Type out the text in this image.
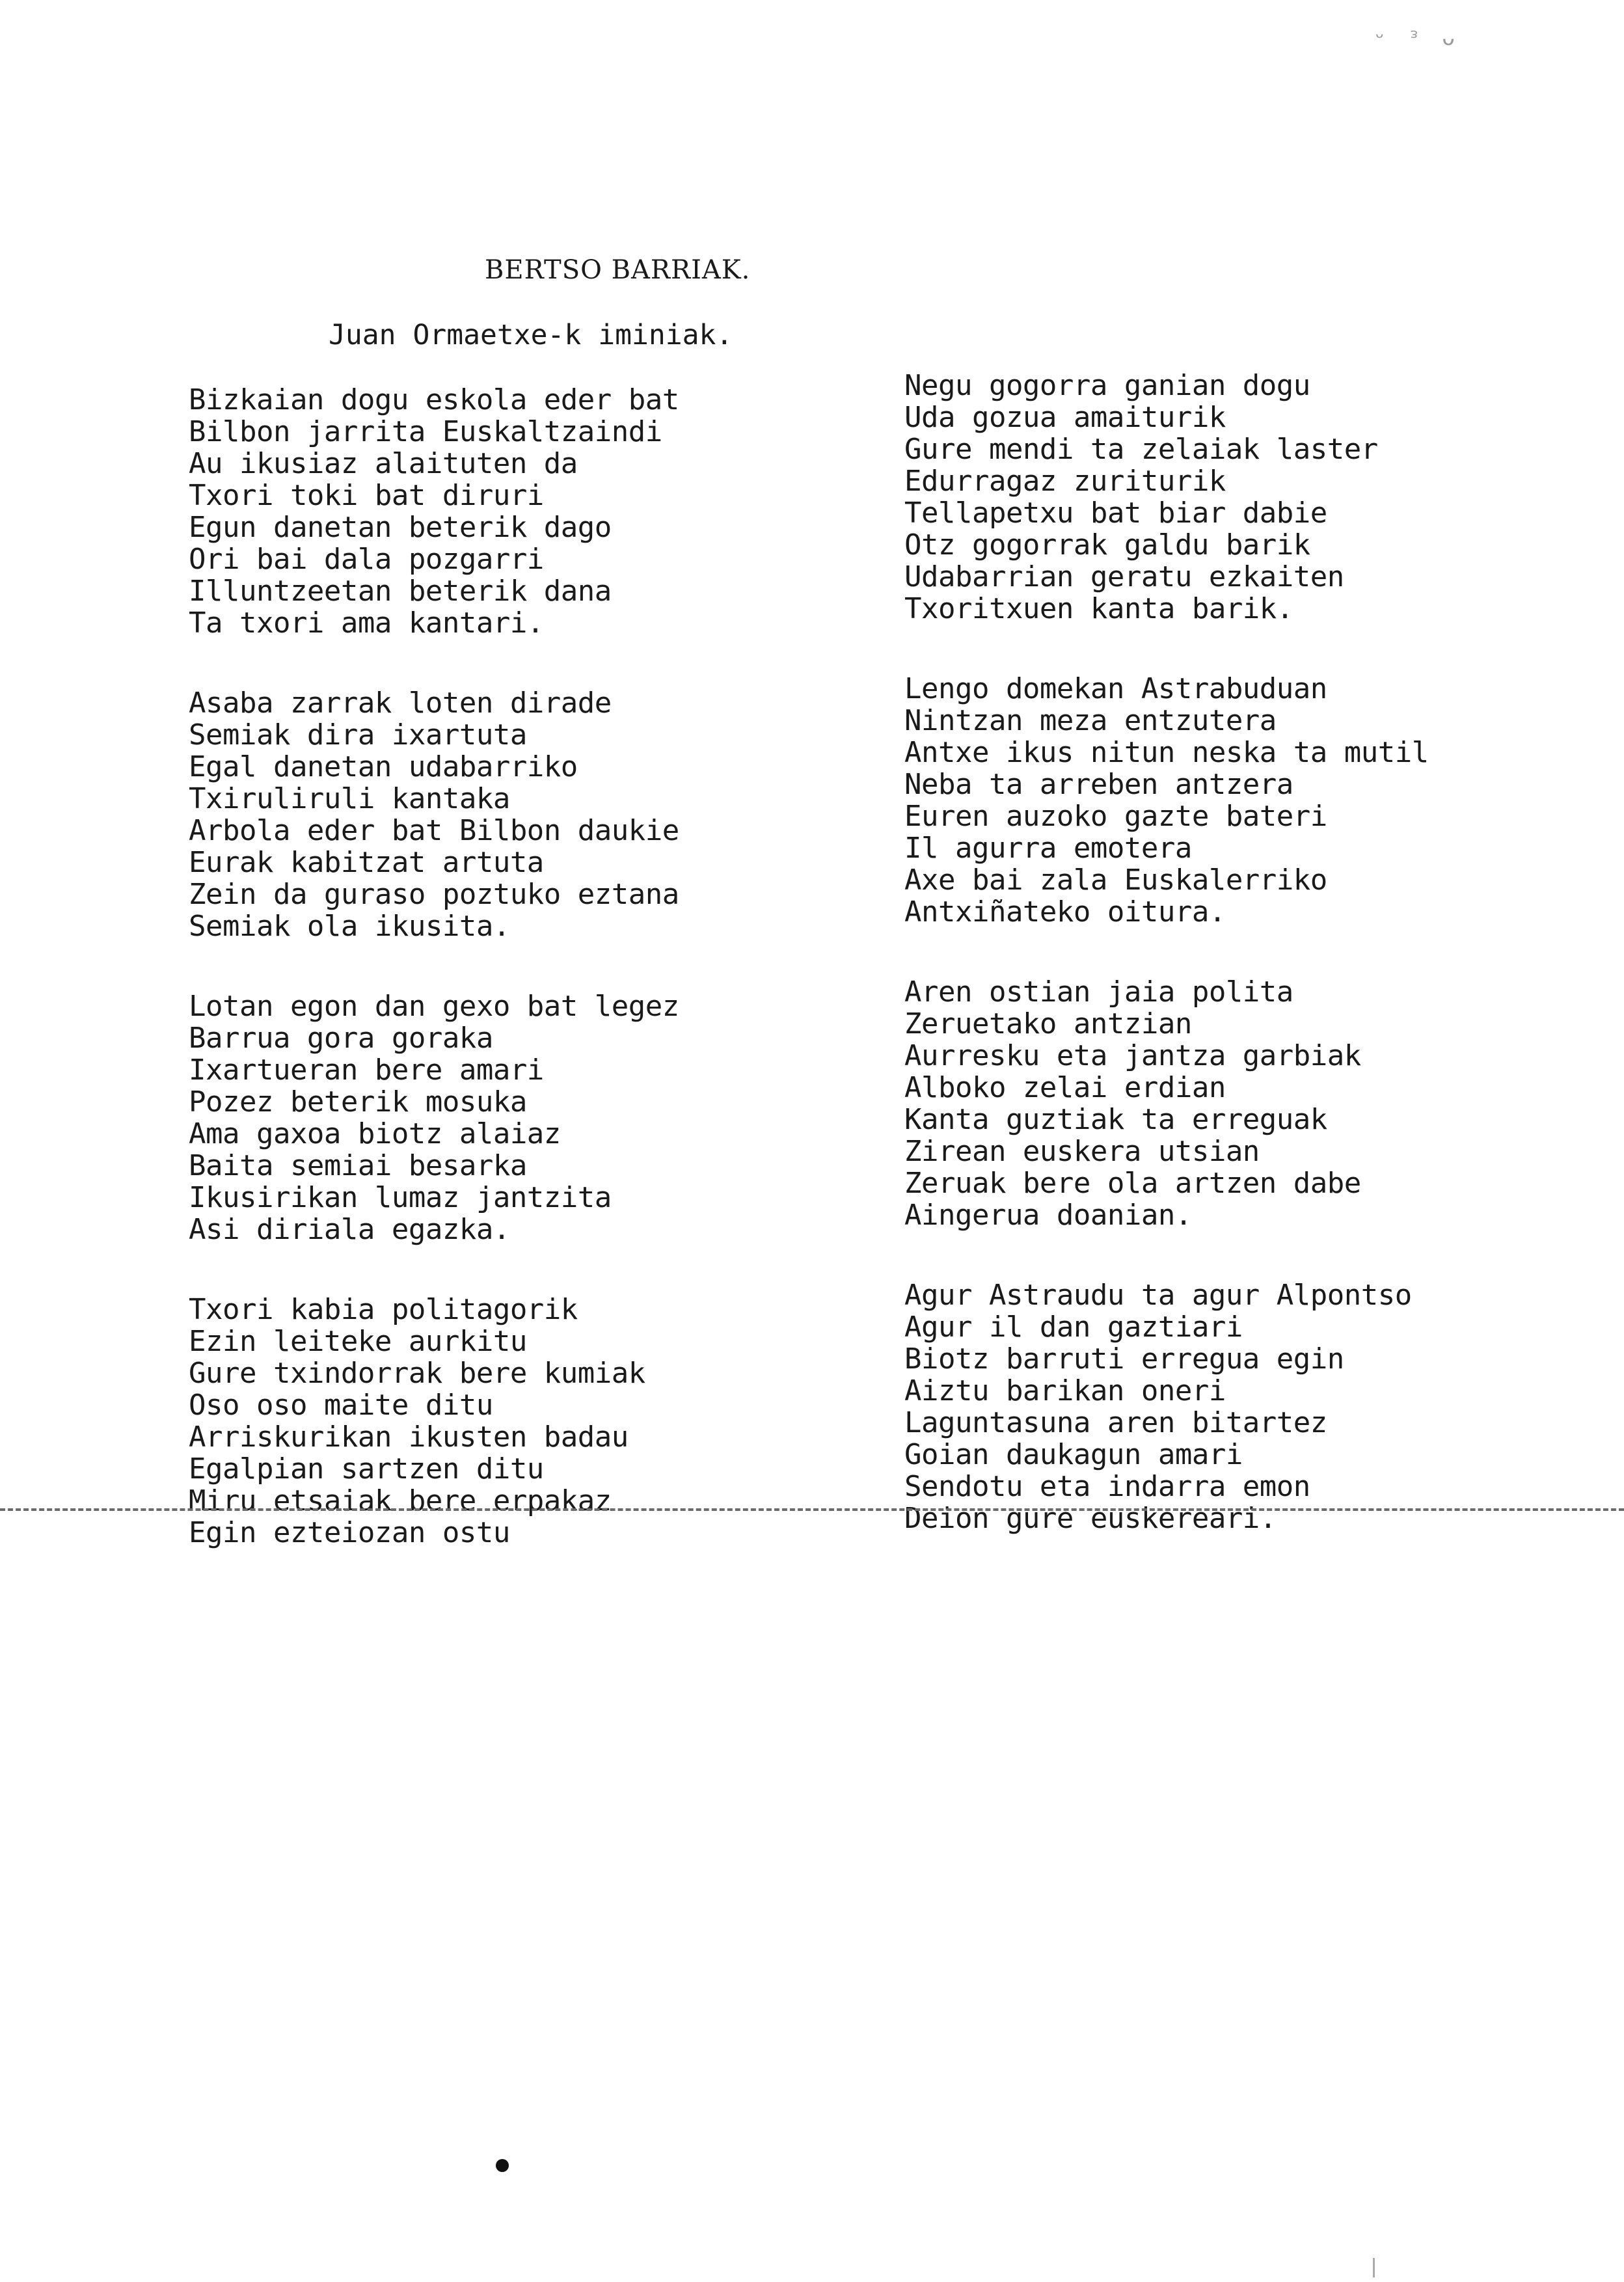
ᵕ ᵌ ᴗ
BERTSO BARRIAK.
Juan Ormaetxe-k iminiak.
Bizkaian dogu eskola eder bat
Bilbon jarrita Euskaltzaindi
Au ikusiaz alaituten da
Txori toki bat diruri
Egun danetan beterik dago
Ori bai dala pozgarri
Illuntzeetan beterik dana
Ta txori ama kantari.
Asaba zarrak loten dirade
Semiak dira ixartuta
Egal danetan udabarriko
Txiruliruli kantaka
Arbola eder bat Bilbon daukie
Eurak kabitzat artuta
Zein da guraso poztuko eztana
Semiak ola ikusita.
Lotan egon dan gexo bat legez
Barrua gora goraka
Ixartueran bere amari
Pozez beterik mosuka
Ama gaxoa biotz alaiaz
Baita semiai besarka
Ikusirikan lumaz jantzita
Asi diriala egazka.
Txori kabia politagorik
Ezin leiteke aurkitu
Gure txindorrak bere kumiak
Oso oso maite ditu
Arriskurikan ikusten badau
Egalpian sartzen ditu
Miru etsaiak bere erpakaz
Egin ezteiozan ostu
Negu gogorra ganian dogu
Uda gozua amaiturik
Gure mendi ta zelaiak laster
Edurragaz zuriturik
Tellapetxu bat biar dabie
Otz gogorrak galdu barik
Udabarrian geratu ezkaiten
Txoritxuen kanta barik.
Lengo domekan Astrabuduan
Nintzan meza entzutera
Antxe ikus nitun neska ta mutil
Neba ta arreben antzera
Euren auzoko gazte bateri
Il agurra emotera
Axe bai zala Euskalerriko
Antxiñateko oitura.
Aren ostian jaia polita
Zeruetako antzian
Aurresku eta jantza garbiak
Alboko zelai erdian
Kanta guztiak ta erreguak
Zirean euskera utsian
Zeruak bere ola artzen dabe
Aingerua doanian.
Agur Astraudu ta agur Alpontso
Agur il dan gaztiari
Biotz barruti erregua egin
Aiztu barikan oneri
Laguntasuna aren bitartez
Goian daukagun amari
Sendotu eta indarra emon
Deion gure euskereari.
